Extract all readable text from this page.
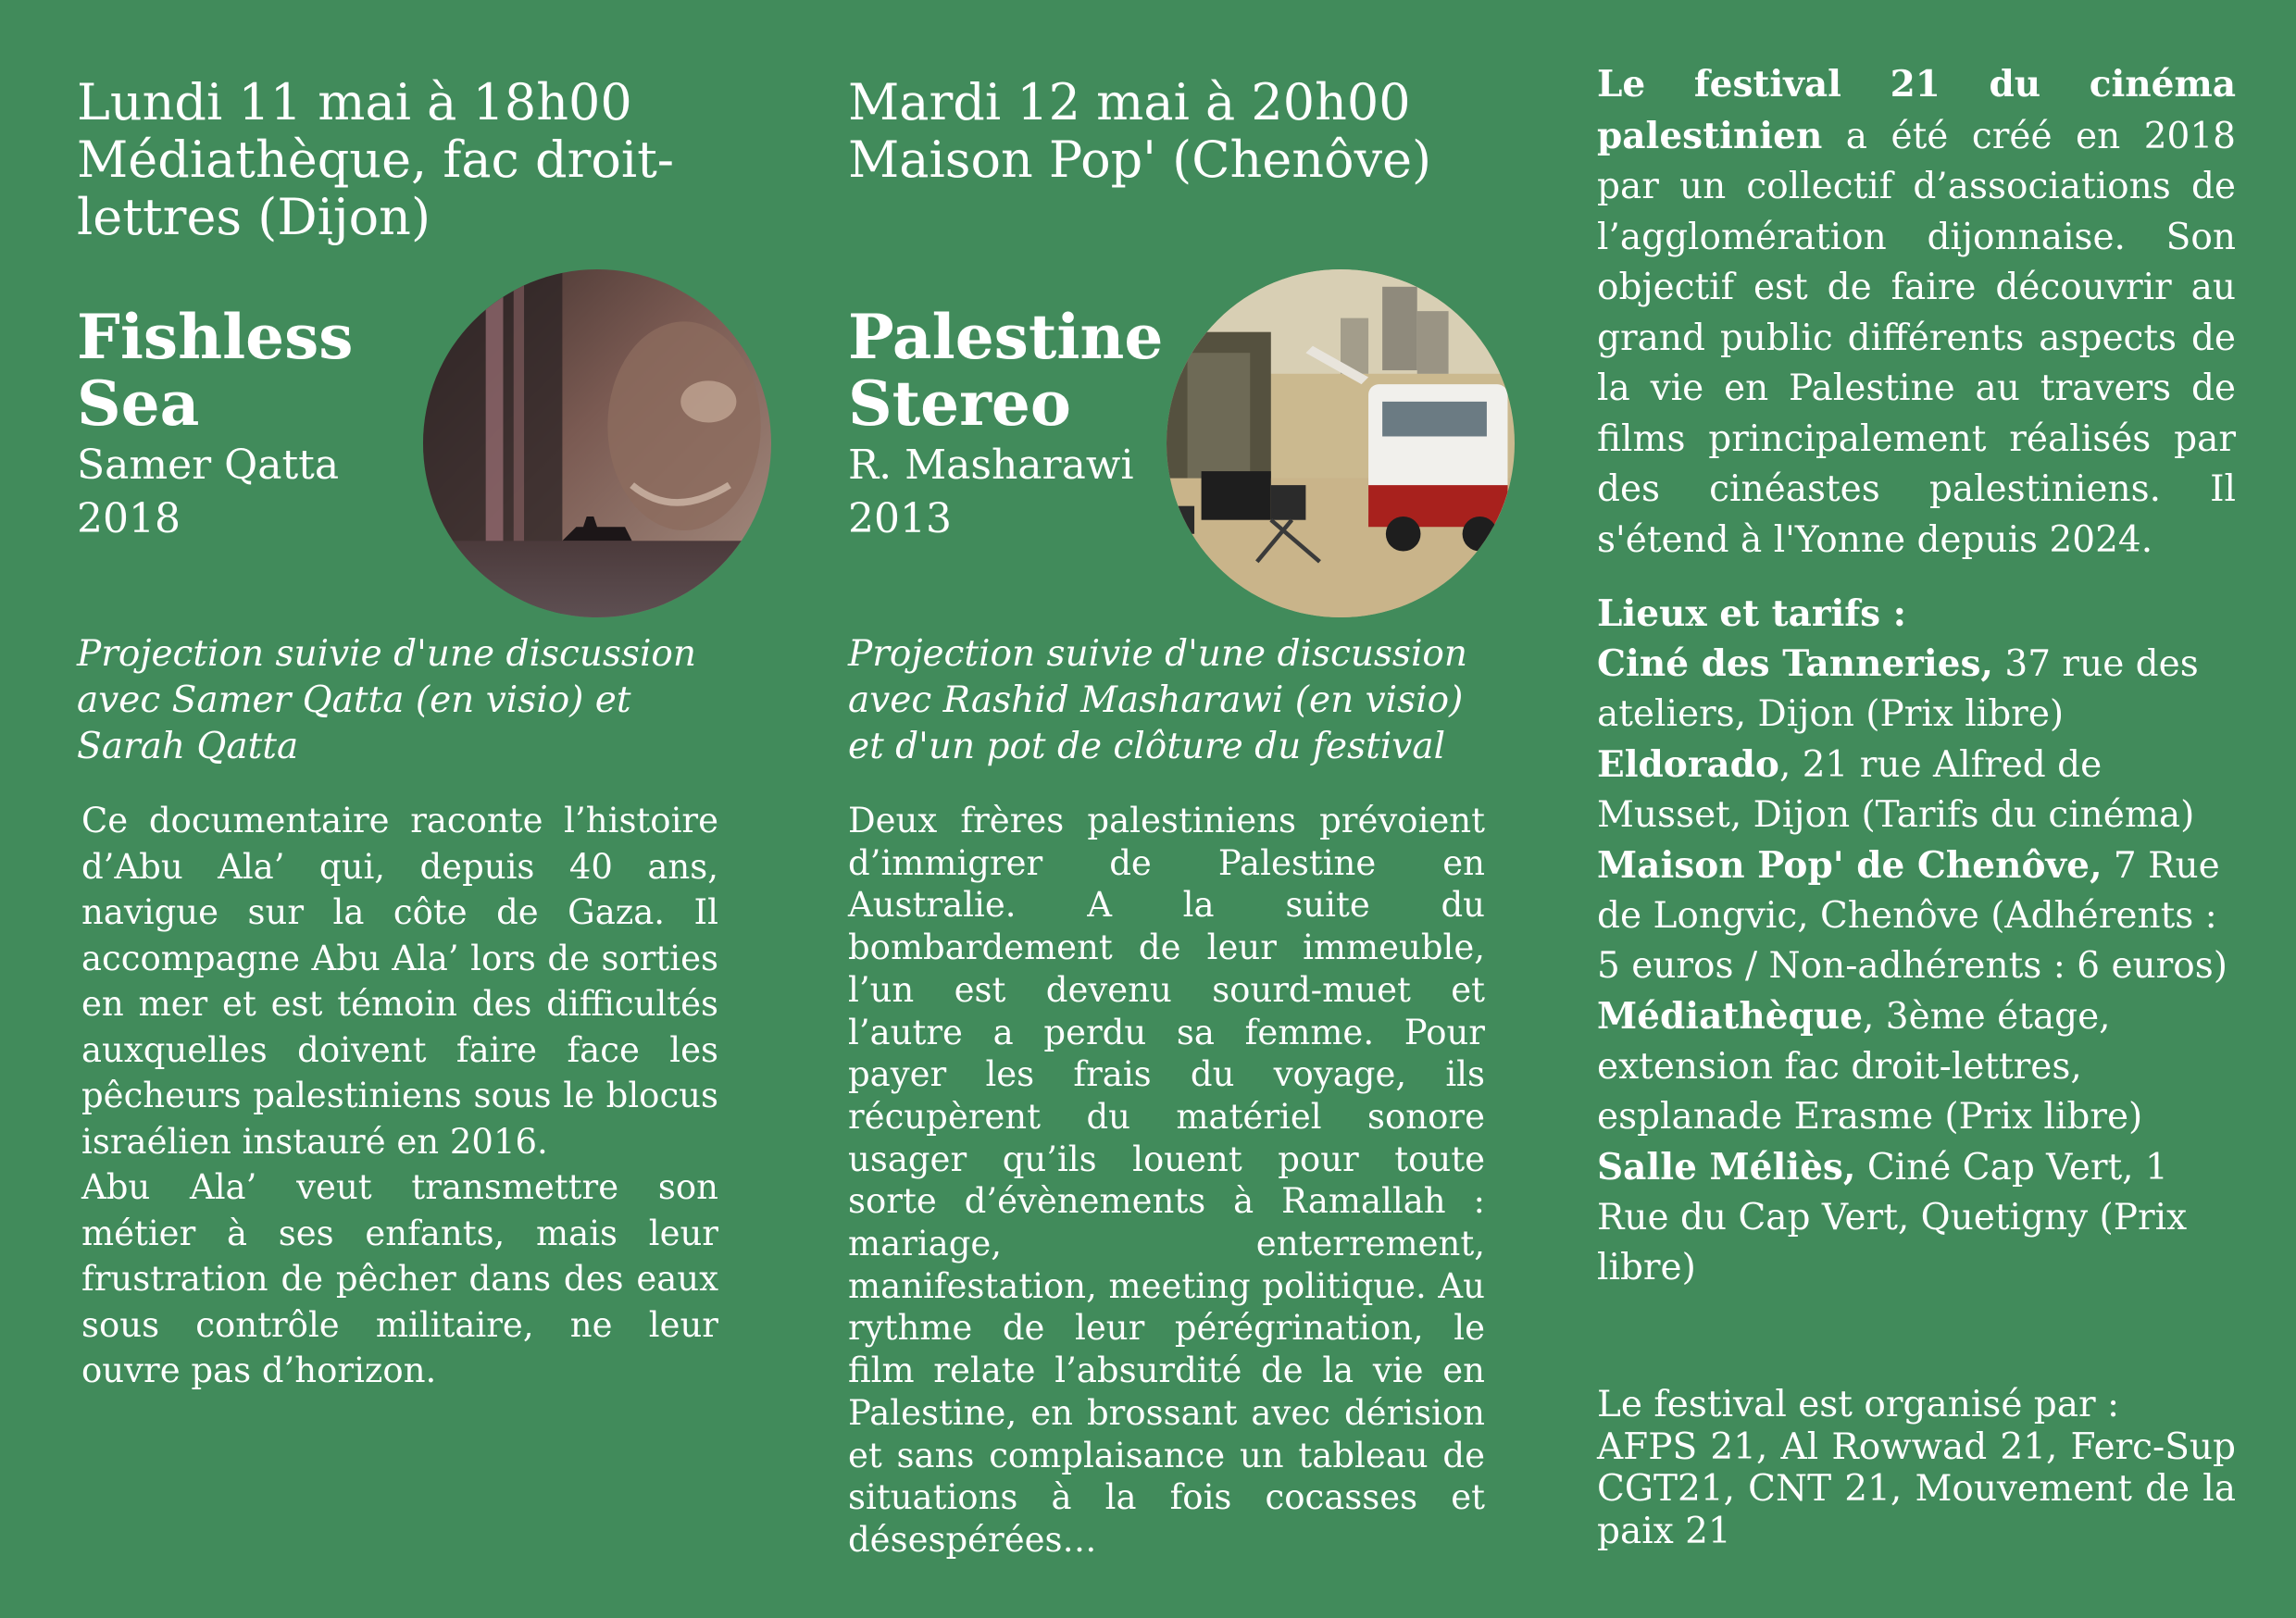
Lundi 11 mai à 18h00
Médiathèque, fac droit-
lettres (Dijon)
Fishless
Sea
Samer Qatta
2018
Projection suivie d'une discussion
avec Samer Qatta (en visio) et
Sarah Qatta

Ce documentaire raconte l’histoire d’Abu Ala’ qui, depuis 40 ans, navigue sur la côte de Gaza. Il accompagne Abu Ala’ lors de sorties en mer et est témoin des difficultés auxquelles doivent faire face les pêcheurs palestiniens sous le blocus israélien instauré en 2016.

Abu Ala’ veut transmettre son métier à ses enfants, mais leur frustration de pêcher dans des eaux sous contrôle militaire, ne leur ouvre pas d’horizon.

Mardi 12 mai à 20h00
Maison Pop' (Chenôve)
Palestine
Stereo
R. Masharawi
2013
Projection suivie d'une discussion
avec Rashid Masharawi (en visio)
et d'un pot de clôture du festival

Deux frères palestiniens prévoient d’immigrer de Palestine en Australie. A la suite du bombardement de leur immeuble, l’un est devenu sourd-muet et l’autre a perdu sa femme. Pour payer les frais du voyage, ils récupèrent du matériel sonore usager qu’ils louent pour toute sorte d’évènements à Ramallah : mariage, enterrement, manifestation, meeting politique. Au rythme de leur pérégrination, le film relate l’absurdité de la vie en Palestine, en brossant avec dérision et sans complaisance un tableau de situations à la fois cocasses et désespérées…

Le festival 21 du cinéma palestinien a été créé en 2018 par un collectif d’associations de l’agglomération dijonnaise. Son objectif est de faire découvrir au grand public différents aspects de la vie en Palestine au travers de films principalement réalisés par des cinéastes palestiniens. Il s'étend à l'Yonne depuis 2024.
Lieux et tarifs :
Ciné des Tanneries, 37 rue des ateliers, Dijon (Prix libre)
Eldorado, 21 rue Alfred de Musset, Dijon (Tarifs du cinéma)
Maison Pop' de Chenôve, 7 Rue de Longvic, Chenôve (Adhérents : 5 euros / Non-adhérents : 6 euros)
Médiathèque, 3ème étage, extension fac droit-lettres, esplanade Erasme (Prix libre)
Salle Méliès, Ciné Cap Vert, 1 Rue du Cap Vert, Quetigny (Prix libre)
Le festival est organisé par :
AFPS 21, Al Rowwad 21, Ferc-Sup CGT21, CNT 21, Mouvement de la paix 21
